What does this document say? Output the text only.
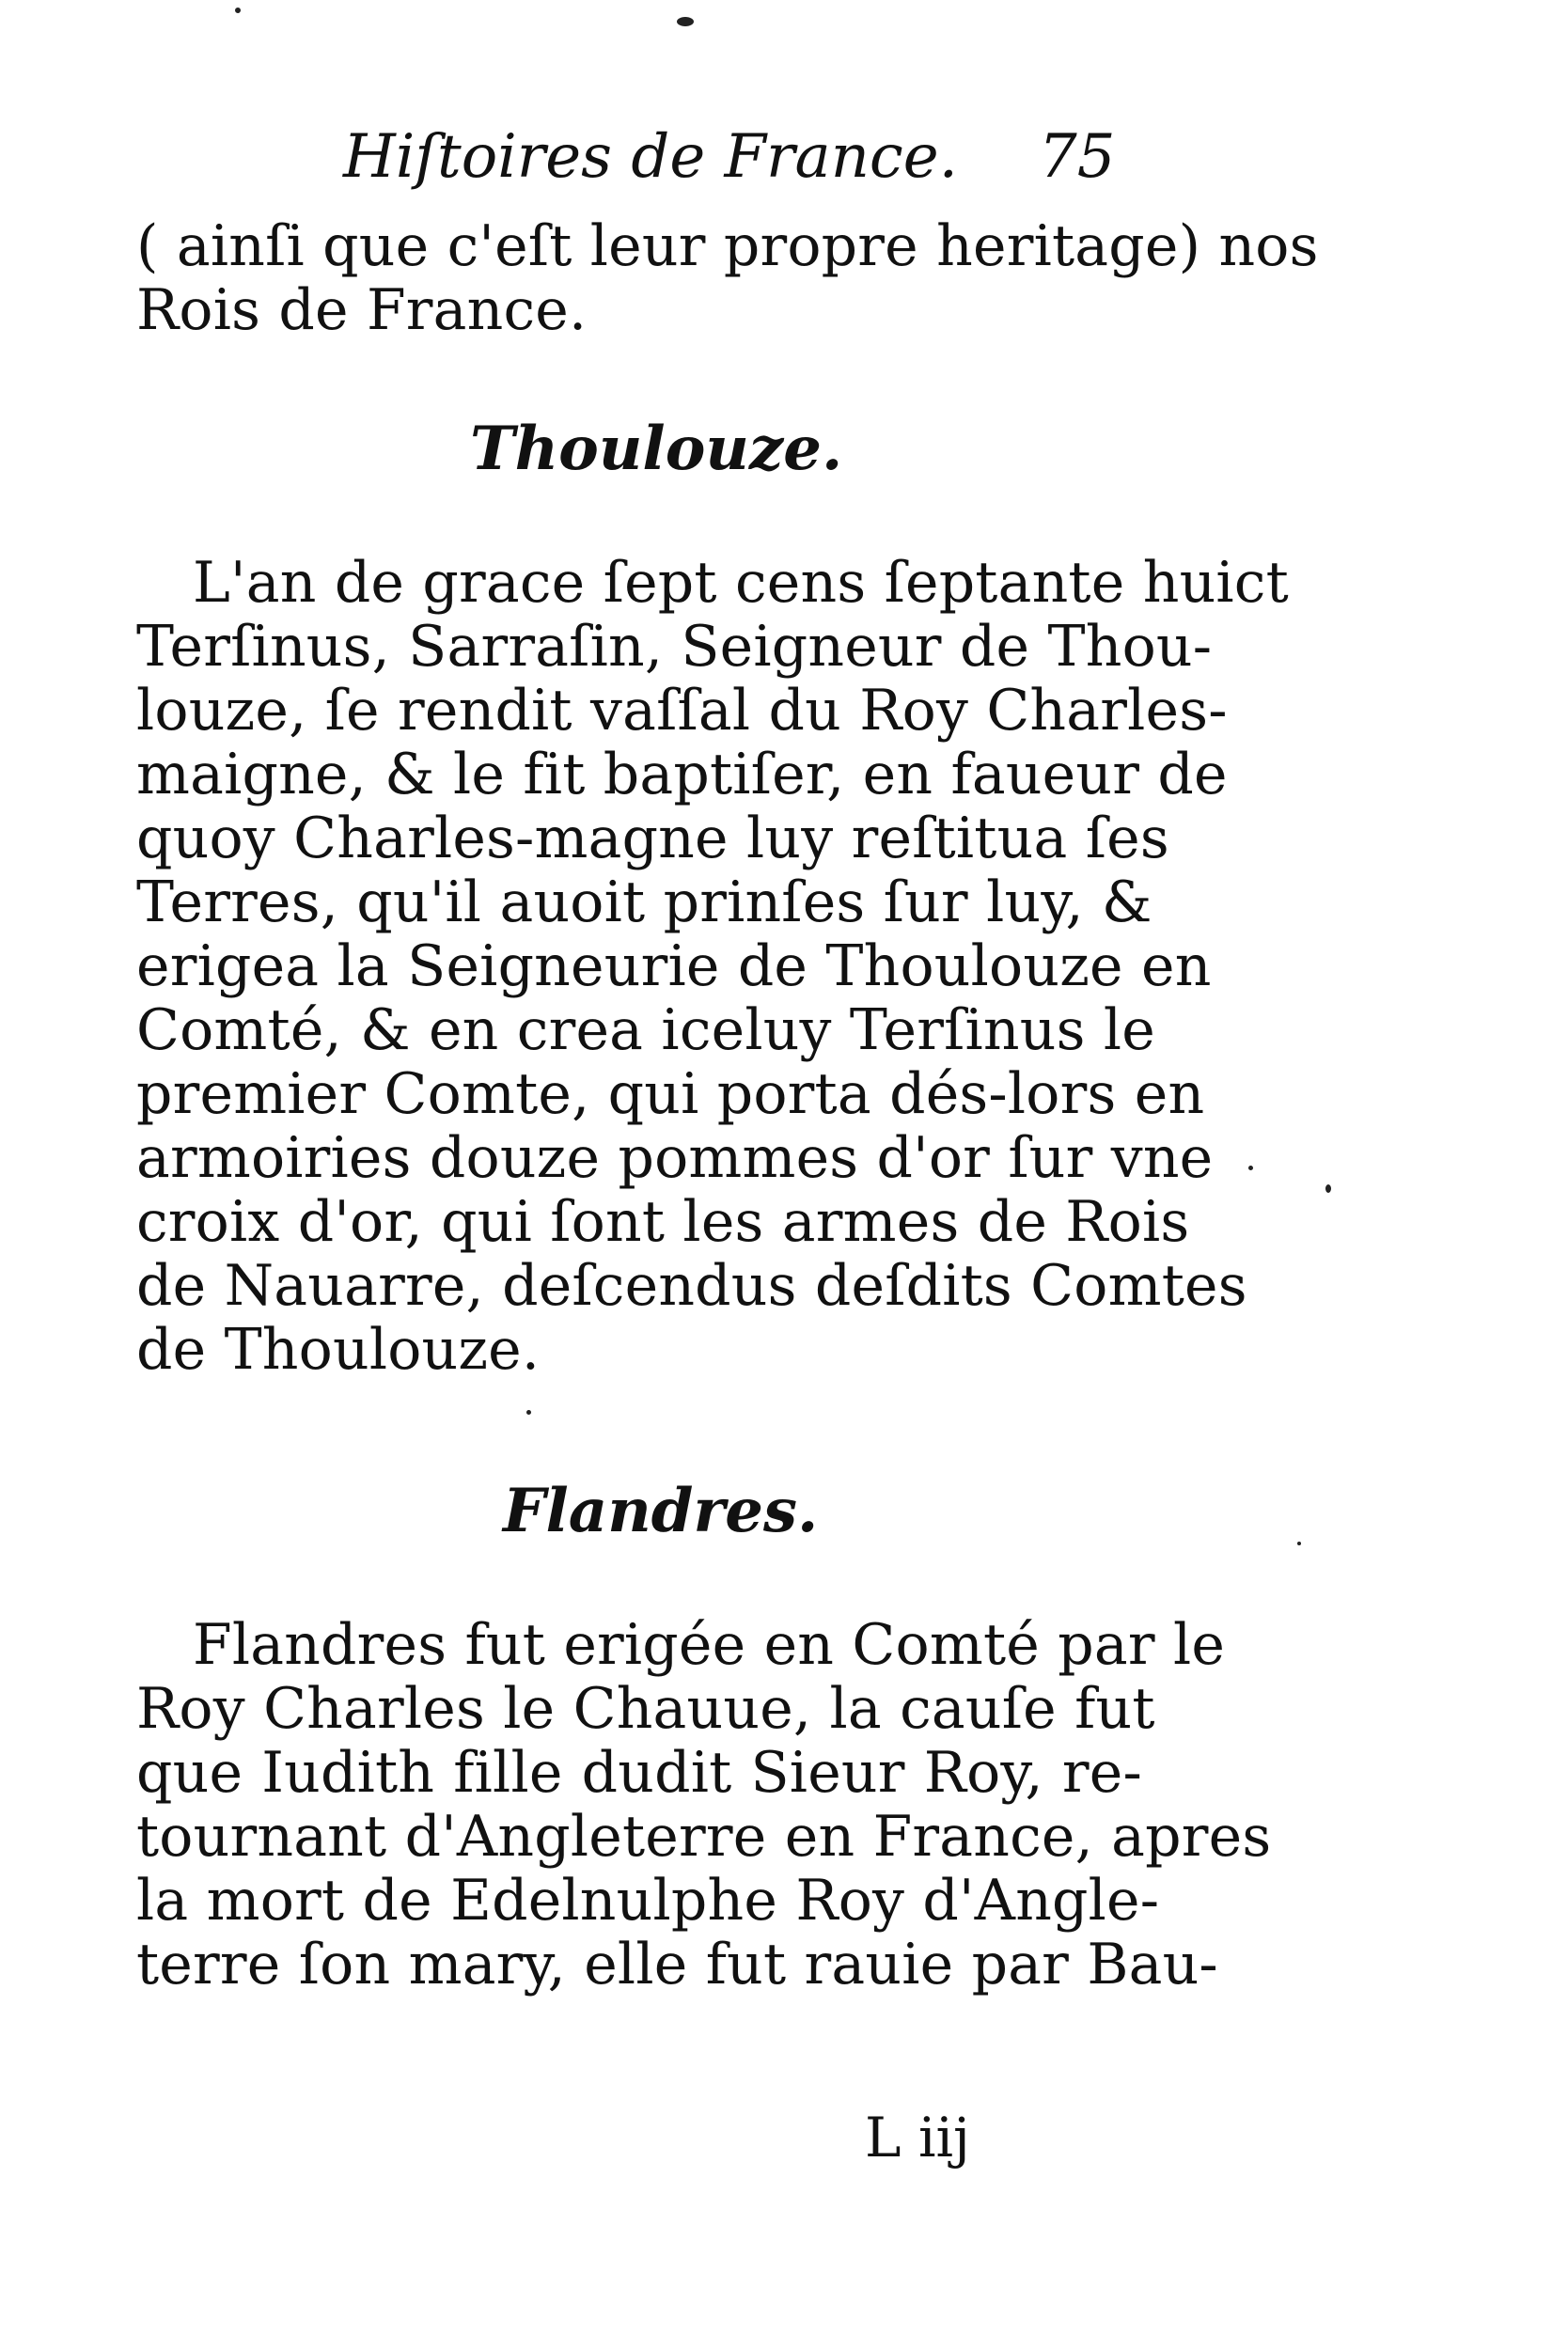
Hiſtoires de France. 75
( ainſi que c'eſt leur propre heritage) nos
Rois de France.
Thoulouze.
L'an de grace ſept cens ſeptante huict
Terſinus, Sarraſin, Seigneur de Thou-
louze, ſe rendit vaſſal du Roy Charles-
maigne, & le fit baptiſer, en faueur de
quoy Charles-magne luy reſtitua ſes
Terres, qu'il auoit prinſes ſur luy, &
erigea la Seigneurie de Thoulouze en
Comté, & en crea iceluy Terſinus le
premier Comte, qui porta dés-lors en
armoiries douze pommes d'or ſur vne
croix d'or, qui ſont les armes de Rois
de Nauarre, deſcendus deſdits Comtes
de Thoulouze.
Flandres.
Flandres fut erigée en Comté par le
Roy Charles le Chauue, la cauſe fut
que Iudith fille dudit Sieur Roy, re-
tournant d'Angleterre en France, apres
la mort de Edelnulphe Roy d'Angle-
terre ſon mary, elle fut rauie par Bau-
L iij
